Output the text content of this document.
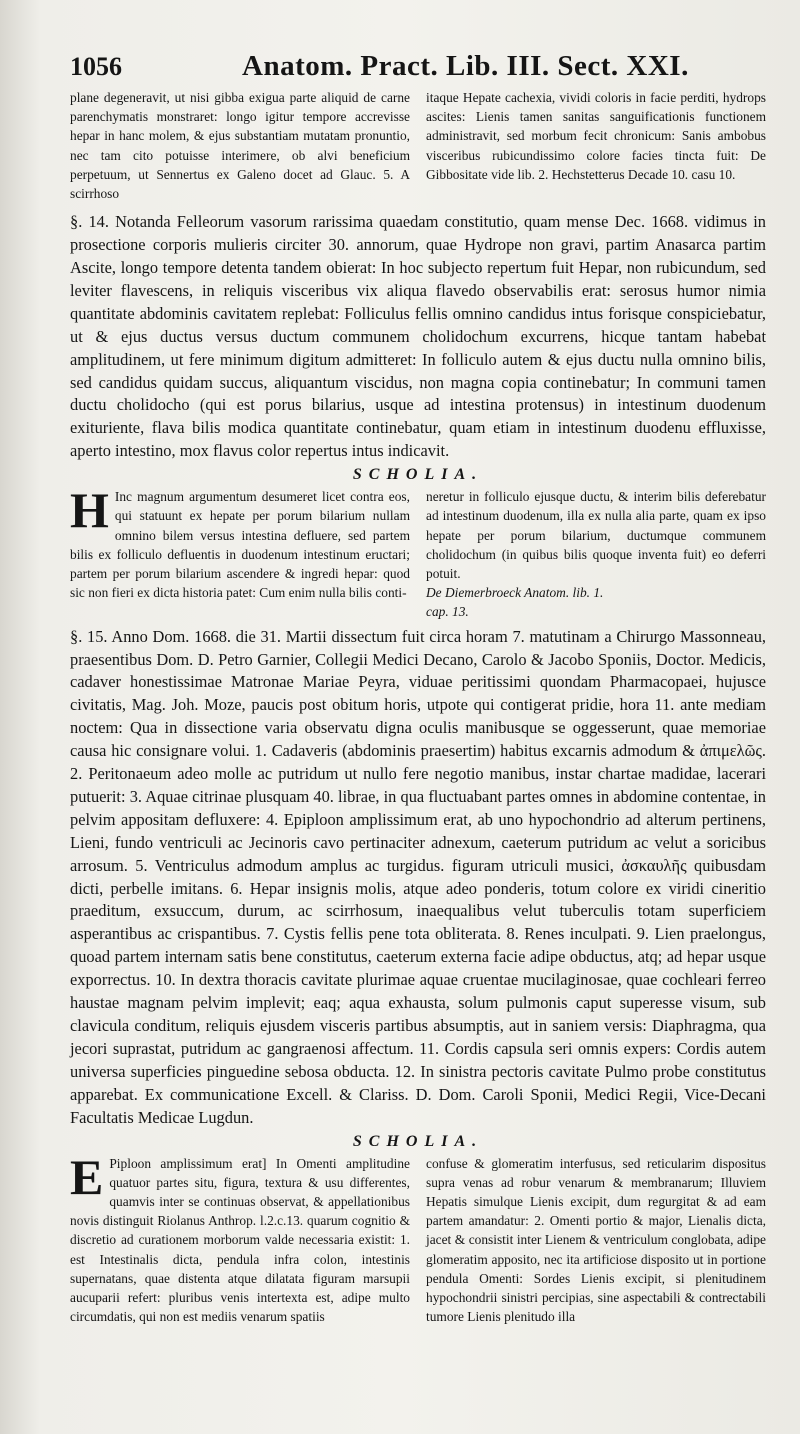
1056	Anatom. Pract. Lib. III. Sect. XXI.

plane degeneravit, ut nisi gibba exigua parte aliquid de carne parenchymatis monstraret: longo igitur tempore accrevisse hepar in hanc molem, & ejus substantiam mutatam pronuntio, nec tam cito potuisse interimere, ob alvi beneficium perpetuum, ut Sennertus ex Galeno docet ad Glauc. 5. A scirrhoso

itaque Hepate cachexia, vividi coloris in facie perditi, hydrops ascites: Lienis tamen sanitas sanguificationis functionem administravit, sed morbum fecit chronicum: Sanis ambobus visceribus rubicundissimo colore facies tincta fuit: De Gibbositate vide lib. 2. Hechstetterus Decade 10. casu 10.

§. 14. Notanda Felleorum vasorum rarissima quaedam constitutio, quam mense Dec. 1668. vidimus in prosectione corporis mulieris circiter 30. annorum, quae Hydrope non gravi, partim Anasarca partim Ascite, longo tempore detenta tandem obierat: In hoc subjecto repertum fuit Hepar, non rubicundum, sed leviter flavescens, in reliquis visceribus vix aliqua flavedo observabilis erat: serosus humor nimia quantitate abdominis cavitatem replebat: Folliculus fellis omnino candidus intus forisque conspiciebatur, ut & ejus ductus versus ductum communem cholidochum excurrens, hicque tantam habebat amplitudinem, ut fere minimum digitum admitteret: In folliculo autem & ejus ductu nulla omnino bilis, sed candidus quidam succus, aliquantum viscidus, non magna copia continebatur; In communi tamen ductu cholidocho (qui est porus bilarius, usque ad intestina protensus) in intestinum duodenum exituriente, flava bilis modica quantitate continebatur, quam etiam in intestinum duodenu effluxisse, aperto intestino, mox flavus color repertus intus indicavit.

SCHOLIA.
H Inc magnum argumentum desumeret licet contra eos, qui statuunt ex hepate per porum bilarium nullam omnino bilem versus intestina defluere, sed partem bilis ex folliculo defluentis in duodenum intestinum eructari; partem per porum bilarium ascendere & ingredi hepar: quod sic non fieri ex dicta historia patet: Cum enim nulla bilis conti-

neretur in folliculo ejusque ductu, & interim bilis deferebatur ad intestinum duodenum, illa ex nulla alia parte, quam ex ipso hepate per porum bilarium, ductumque communem cholidochum (in quibus bilis quoque inventa fuit) eo deferri potuit.

De Diemerbroeck Anatom. lib. 1.

cap. 13.

§. 15. Anno Dom. 1668. die 31. Martii dissectum fuit circa horam 7. matutinam a Chirurgo Massonneau, praesentibus Dom. D. Petro Garnier, Collegii Medici Decano, Carolo & Jacobo Sponiis, Doctor. Medicis, cadaver honestissimae Matronae Mariae Peyra, viduae peritissimi quondam Pharmacopaei, hujusce civitatis, Mag. Joh. Moze, paucis post obitum horis, utpote qui contigerat pridie, hora 11. ante mediam noctem: Qua in dissectione varia observatu digna oculis manibusque se oggesserunt, quae memoriae causa hic consignare volui. 1. Cadaveris (abdominis praesertim) habitus excarnis admodum & ἀπιμελῶς. 2. Peritonaeum adeo molle ac putridum ut nullo fere negotio manibus, instar chartae madidae, lacerari putuerit: 3. Aquae citrinae plusquam 40. librae, in qua fluctuabant partes omnes in abdomine contentae, in pelvim appositam defluxere: 4. Epiploon amplissimum erat, ab uno hypochondrio ad alterum pertinens, Lieni, fundo ventriculi ac Jecinoris cavo pertinaciter adnexum, caeterum putridum ac velut a soricibus arrosum. 5. Ventriculus admodum amplus ac turgidus. figuram utriculi musici, ἀσκαυλῆς quibusdam dicti, perbelle imitans. 6. Hepar insignis molis, atque adeo ponderis, totum colore ex viridi cineritio praeditum, exsuccum, durum, ac scirrhosum, inaequalibus velut tuberculis totam superficiem asperantibus ac crispantibus. 7. Cystis fellis pene tota obliterata. 8. Renes inculpati. 9. Lien praelongus, quoad partem internam satis bene constitutus, caeterum externa facie adipe obductus, atq; ad hepar usque exporrectus. 10. In dextra thoracis cavitate plurimae aquae cruentae mucilaginosae, quae cochleari ferreo haustae magnam pelvim implevit; eaq; aqua exhausta, solum pulmonis caput superesse visum, sub clavicula conditum, reliquis ejusdem visceris partibus absumptis, aut in saniem versis: Diaphragma, qua jecori suprastat, putridum ac gangraenosi affectum. 11. Cordis capsula seri omnis expers: Cordis autem universa superficies pinguedine sebosa obducta. 12. In sinistra pectoris cavitate Pulmo probe constitutus apparebat. Ex communicatione Excell. & Clariss. D. Dom. Caroli Sponii, Medici Regii, Vice-Decani Facultatis Medicae Lugdun.

SCHOLIA.
E Piploon amplissimum erat] In Omenti amplitudine quatuor partes situ, figura, textura & usu differentes, quamvis inter se continuas observat, & appellationibus novis distinguit Riolanus Anthrop. l.2.c.13. quarum cognitio & discretio ad curationem morborum valde necessaria existit: 1. est Intestinalis dicta, pendula infra colon, intestinis supernatans, quae distenta atque dilatata figuram marsupii aucuparii refert: pluribus venis intertexta est, adipe multo circumdatis, qui non est mediis venarum spatiis

confuse & glomeratim interfusus, sed reticularim dispositus supra venas ad robur venarum & membranarum; Illuviem Hepatis simulque Lienis excipit, dum regurgitat & ad eam partem amandatur: 2. Omenti portio & major, Lienalis dicta, jacet & consistit inter Lienem & ventriculum conglobata, adipe glomeratim apposito, nec ita artificiose disposito ut in portione pendula Omenti: Sordes Lienis excipit, si plenitudinem hypochondrii sinistri percipias, sine aspectabili & contrectabili tumore Lienis plenitudo illa
